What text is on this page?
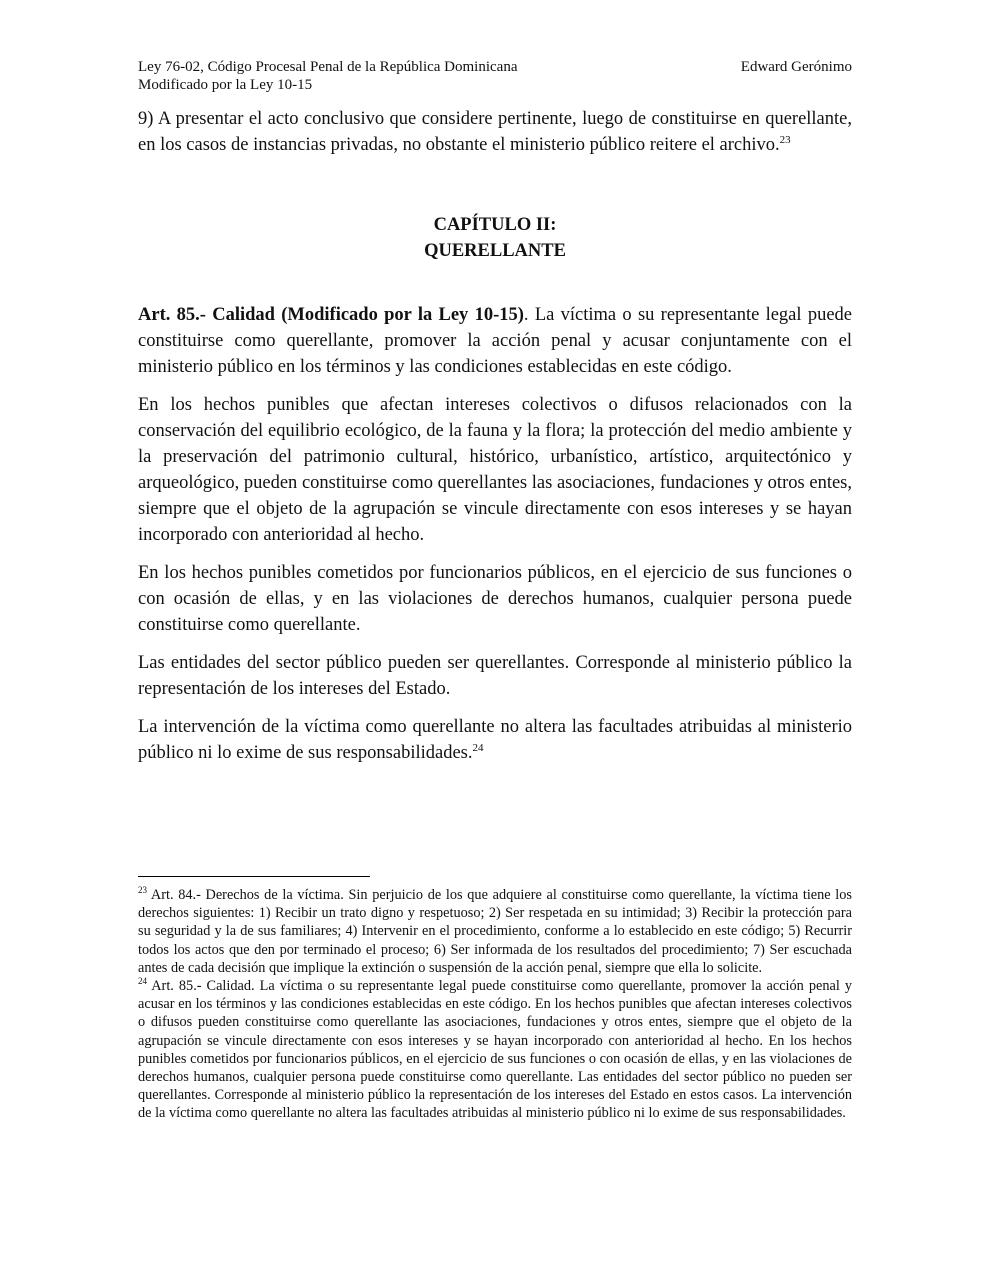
Ley 76-02, Código Procesal Penal de la República Dominicana
Modificado por la Ley 10-15
Edward Gerónimo

9) A presentar el acto conclusivo que considere pertinente, luego de constituirse en querellante, en los casos de instancias privadas, no obstante el ministerio público reitere el archivo.$^{23}$

CAPÍTULO II:
QUERELLANTE

Art. 85.- Calidad (Modificado por la Ley 10-15). La víctima o su representante legal puede constituirse como querellante, promover la acción penal y acusar conjuntamente con el ministerio público en los términos y las condiciones establecidas en este código.

En los hechos punibles que afectan intereses colectivos o difusos relacionados con la conservación del equilibrio ecológico, de la fauna y la flora; la protección del medio ambiente y la preservación del patrimonio cultural, histórico, urbanístico, artístico, arquitectónico y arqueológico, pueden constituirse como querellantes las asociaciones, fundaciones y otros entes, siempre que el objeto de la agrupación se vincule directamente con esos intereses y se hayan incorporado con anterioridad al hecho.

En los hechos punibles cometidos por funcionarios públicos, en el ejercicio de sus funciones o con ocasión de ellas, y en las violaciones de derechos humanos, cualquier persona puede constituirse como querellante.

Las entidades del sector público pueden ser querellantes. Corresponde al ministerio público la representación de los intereses del Estado.

La intervención de la víctima como querellante no altera las facultades atribuidas al ministerio público ni lo exime de sus responsabilidades.$^{24}$

$^{23}$ Art. 84.- Derechos de la víctima. Sin perjuicio de los que adquiere al constituirse como querellante, la víctima tiene los derechos siguientes: 1) Recibir un trato digno y respetuoso; 2) Ser respetada en su intimidad; 3) Recibir la protección para su seguridad y la de sus familiares; 4) Intervenir en el procedimiento, conforme a lo establecido en este código; 5) Recurrir todos los actos que den por terminado el proceso; 6) Ser informada de los resultados del procedimiento; 7) Ser escuchada antes de cada decisión que implique la extinción o suspensión de la acción penal, siempre que ella lo solicite.

$^{24}$ Art. 85.- Calidad. La víctima o su representante legal puede constituirse como querellante, promover la acción penal y acusar en los términos y las condiciones establecidas en este código. En los hechos punibles que afectan intereses colectivos o difusos pueden constituirse como querellante las asociaciones, fundaciones y otros entes, siempre que el objeto de la agrupación se vincule directamente con esos intereses y se hayan incorporado con anterioridad al hecho. En los hechos punibles cometidos por funcionarios públicos, en el ejercicio de sus funciones o con ocasión de ellas, y en las violaciones de derechos humanos, cualquier persona puede constituirse como querellante. Las entidades del sector público no pueden ser querellantes. Corresponde al ministerio público la representación de los intereses del Estado en estos casos. La intervención de la víctima como querellante no altera las facultades atribuidas al ministerio público ni lo exime de sus responsabilidades.
